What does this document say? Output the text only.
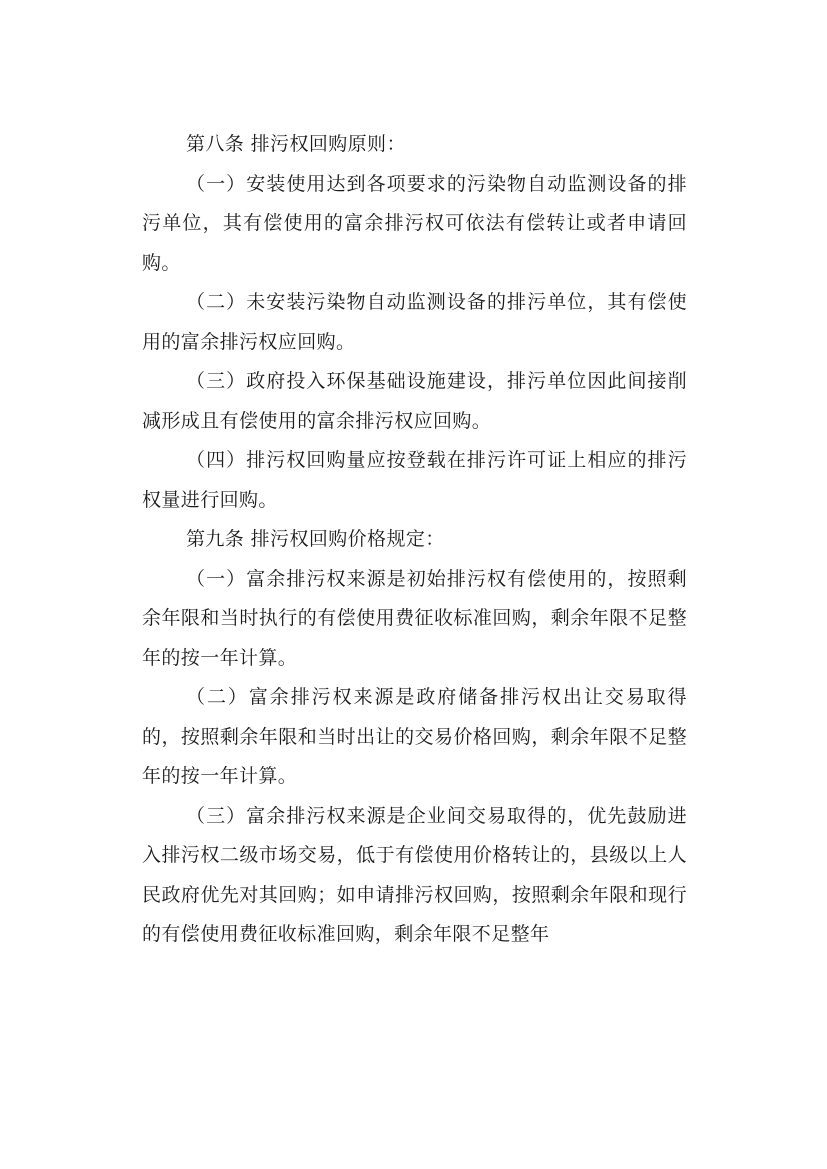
第八条 排污权回购原则：

（一）安装使用达到各项要求的污染物自动监测设备的排污单位，其有偿使用的富余排污权可依法有偿转让或者申请回购。

（二）未安装污染物自动监测设备的排污单位，其有偿使用的富余排污权应回购。

（三）政府投入环保基础设施建设，排污单位因此间接削减形成且有偿使用的富余排污权应回购。

（四）排污权回购量应按登载在排污许可证上相应的排污权量进行回购。

第九条 排污权回购价格规定：

（一）富余排污权来源是初始排污权有偿使用的，按照剩余年限和当时执行的有偿使用费征收标准回购，剩余年限不足整年的按一年计算。

（二）富余排污权来源是政府储备排污权出让交易取得的，按照剩余年限和当时出让的交易价格回购，剩余年限不足整年的按一年计算。

（三）富余排污权来源是企业间交易取得的，优先鼓励进入排污权二级市场交易，低于有偿使用价格转让的，县级以上人民政府优先对其回购；如申请排污权回购，按照剩余年限和现行的有偿使用费征收标准回购，剩余年限不足整年
